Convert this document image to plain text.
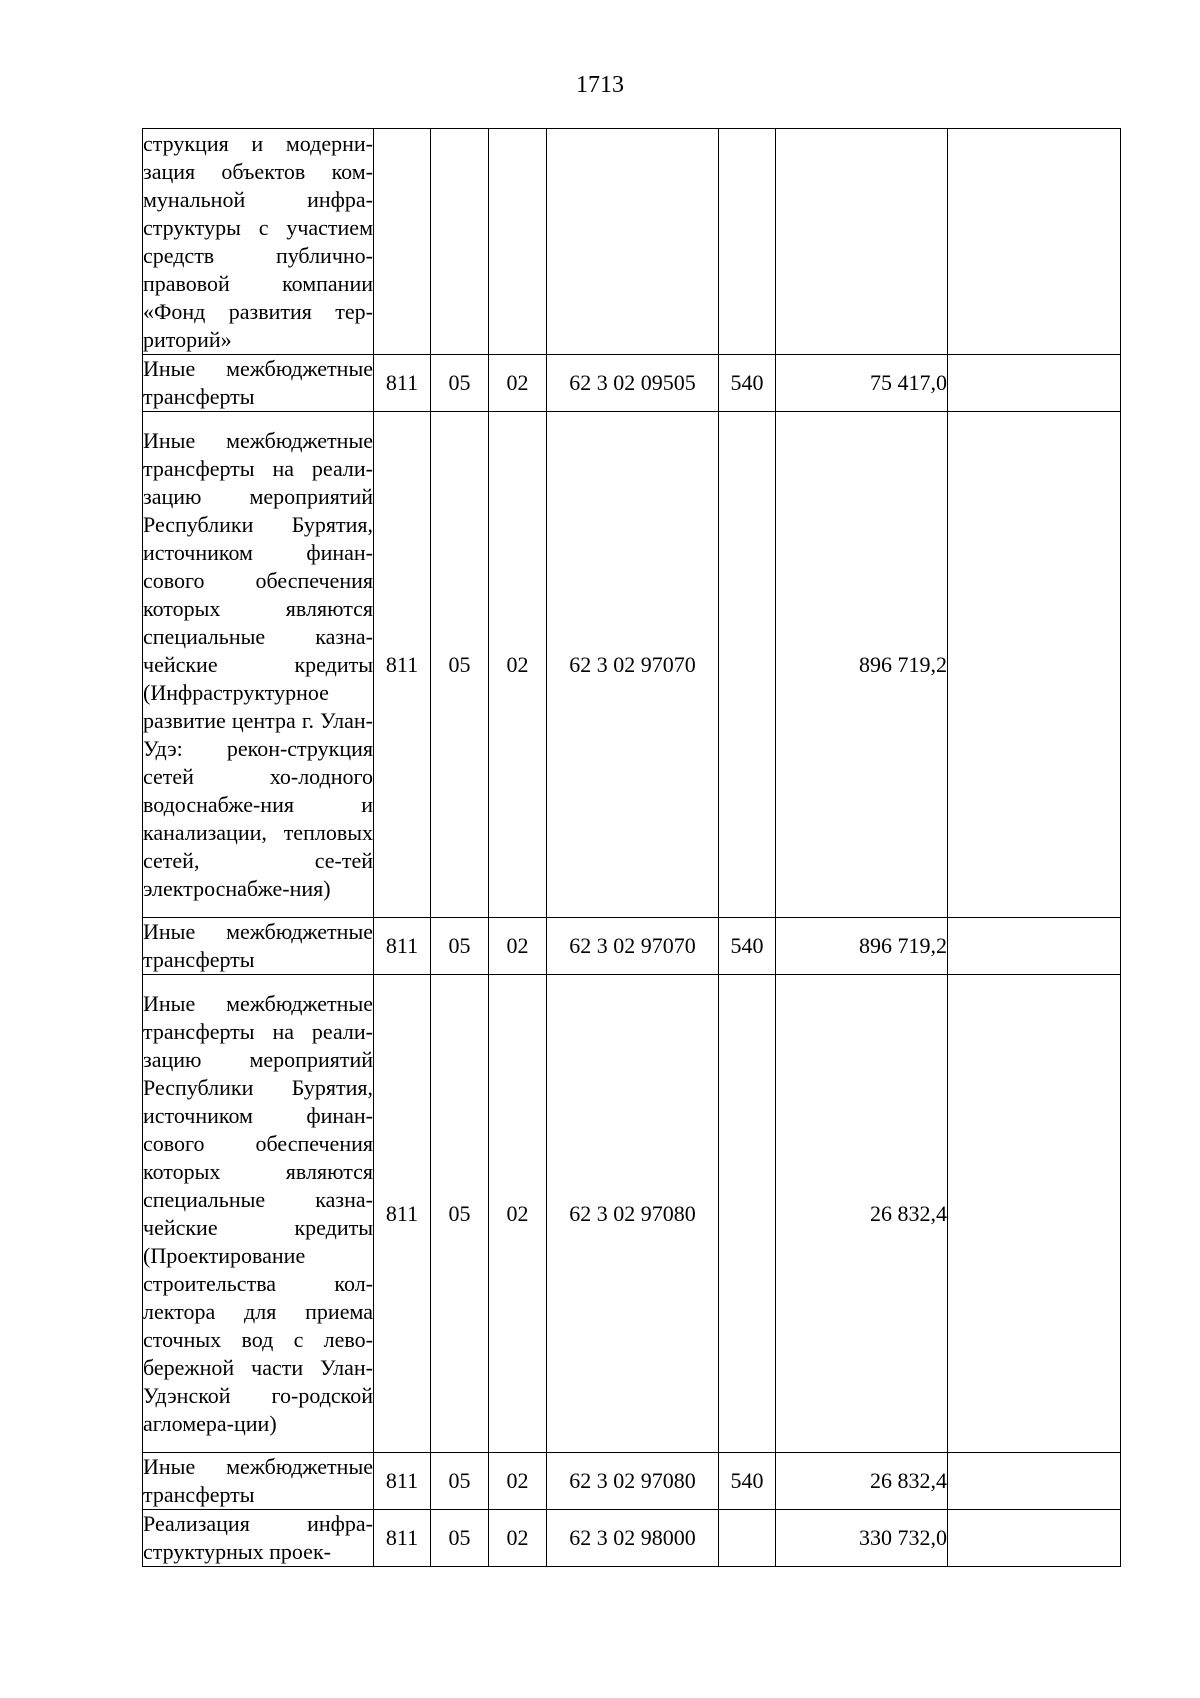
1713
струкция и модерни-зация объектов ком-мунальной инфра-структуры с участием средств публично-правовой компании «Фонд развития тер-риторий»							

Иные межбюджетные трансферты	811	05	02	62 3 02 09505	540	75 417,0	

Иные межбюджетные трансферты на реали-зацию мероприятий Республики Бурятия, источником финан-сового обеспечения которых являются специальные казна-чейские кредиты (Инфраструктурное развитие центра г. Улан-Удэ: рекон-струкция сетей хо-лодного водоснабже-ния и канализации, тепловых сетей, се-тей электроснабже-ния)	811	05	02	62 3 02 97070		896 719,2	

Иные межбюджетные трансферты	811	05	02	62 3 02 97070	540	896 719,2	

Иные межбюджетные трансферты на реали-зацию мероприятий Республики Бурятия, источником финан-сового обеспечения которых являются специальные казна-чейские кредиты (Проектирование строительства кол-лектора для приема сточных вод с лево-бережной части Улан-Удэнской го-родской агломера-ции)	811	05	02	62 3 02 97080		26 832,4	

Иные межбюджетные трансферты	811	05	02	62 3 02 97080	540	26 832,4	

Реализация инфра-структурных проек-	811	05	02	62 3 02 98000		330 732,0	
